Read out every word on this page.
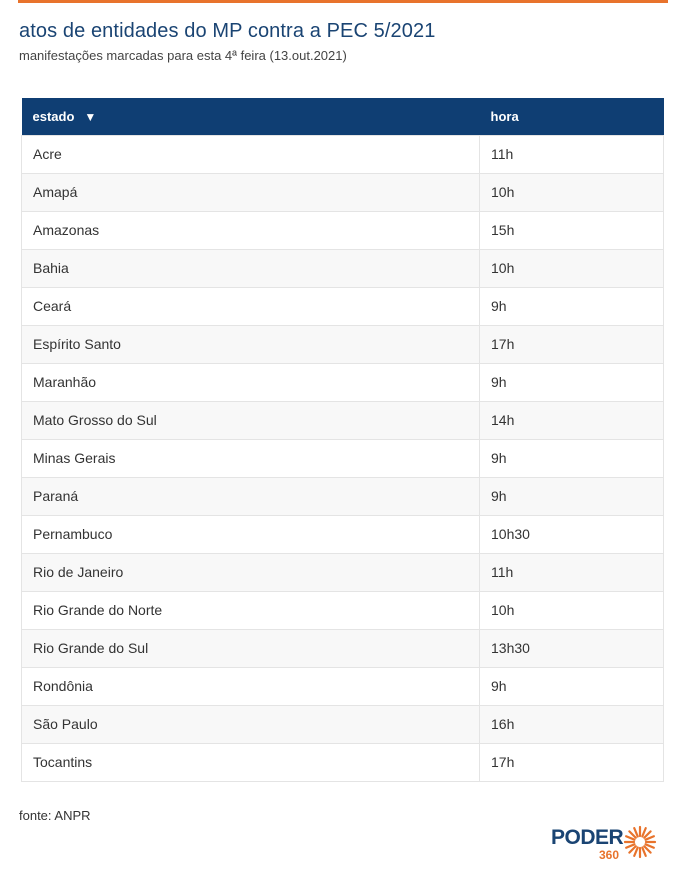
atos de entidades do MP contra a PEC 5/2021

manifestações marcadas para esta 4ª feira (13.out.2021)

estado ▼	hora
Acre	11h
Amapá	10h
Amazonas	15h
Bahia	10h
Ceará	9h
Espírito Santo	17h
Maranhão	9h
Mato Grosso do Sul	14h
Minas Gerais	9h
Paraná	9h
Pernambuco	10h30
Rio de Janeiro	11h
Rio Grande do Norte	10h
Rio Grande do Sul	13h30
Rondônia	9h
São Paulo	16h
Tocantins	17h
fonte: ANPR
PODER
360
